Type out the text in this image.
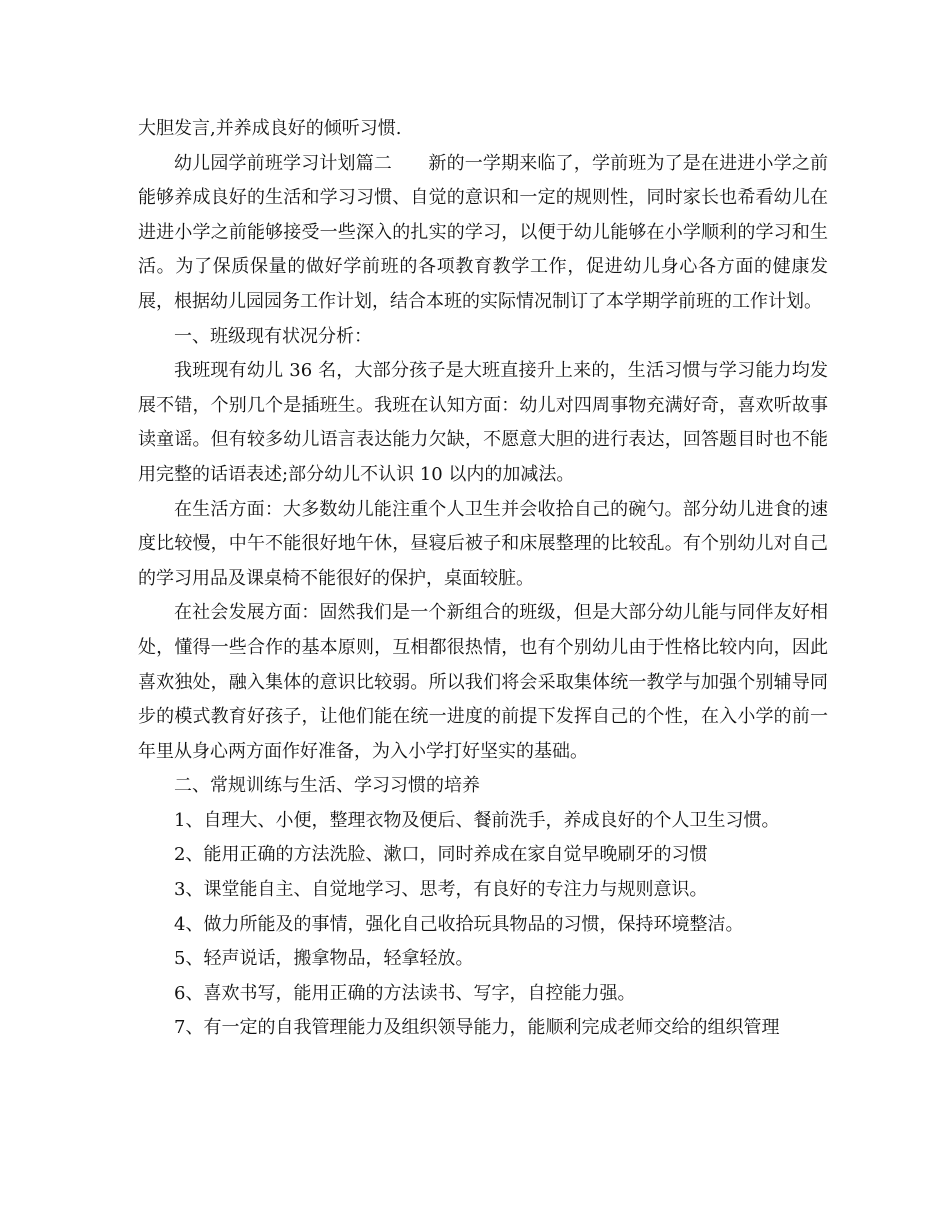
大胆发言,并养成良好的倾听习惯.

幼儿园学前班学习计划篇二　　新的一学期来临了，学前班为了是在进进小学之前能够养成良好的生活和学习习惯、自觉的意识和一定的规则性，同时家长也希看幼儿在进进小学之前能够接受一些深入的扎实的学习，以便于幼儿能够在小学顺利的学习和生活。为了保质保量的做好学前班的各项教育教学工作，促进幼儿身心各方面的健康发展，根据幼儿园园务工作计划，结合本班的实际情况制订了本学期学前班的工作计划。

一、班级现有状况分析：

我班现有幼儿 36 名，大部分孩子是大班直接升上来的，生活习惯与学习能力均发展不错，个别几个是插班生。我班在认知方面：幼儿对四周事物充满好奇，喜欢听故事读童谣。但有较多幼儿语言表达能力欠缺，不愿意大胆的进行表达，回答题目时也不能用完整的话语表述;部分幼儿不认识 10 以内的加减法。

在生活方面：大多数幼儿能注重个人卫生并会收拾自己的碗勺。部分幼儿进食的速度比较慢，中午不能很好地午休，昼寝后被子和床展整理的比较乱。有个别幼儿对自己的学习用品及课桌椅不能很好的保护，桌面较脏。

在社会发展方面：固然我们是一个新组合的班级，但是大部分幼儿能与同伴友好相处，懂得一些合作的基本原则，互相都很热情，也有个别幼儿由于性格比较内向，因此喜欢独处，融入集体的意识比较弱。所以我们将会采取集体统一教学与加强个别辅导同步的模式教育好孩子，让他们能在统一进度的前提下发挥自己的个性，在入小学的前一年里从身心两方面作好准备，为入小学打好坚实的基础。

二、常规训练与生活、学习习惯的培养

1、自理大、小便，整理衣物及便后、餐前洗手，养成良好的个人卫生习惯。

2、能用正确的方法洗脸、漱口，同时养成在家自觉早晚刷牙的习惯

3、课堂能自主、自觉地学习、思考，有良好的专注力与规则意识。

4、做力所能及的事情，强化自己收拾玩具物品的习惯，保持环境整洁。

5、轻声说话，搬拿物品，轻拿轻放。

6、喜欢书写，能用正确的方法读书、写字，自控能力强。

7、有一定的自我管理能力及组织领导能力，能顺利完成老师交给的组织管理
